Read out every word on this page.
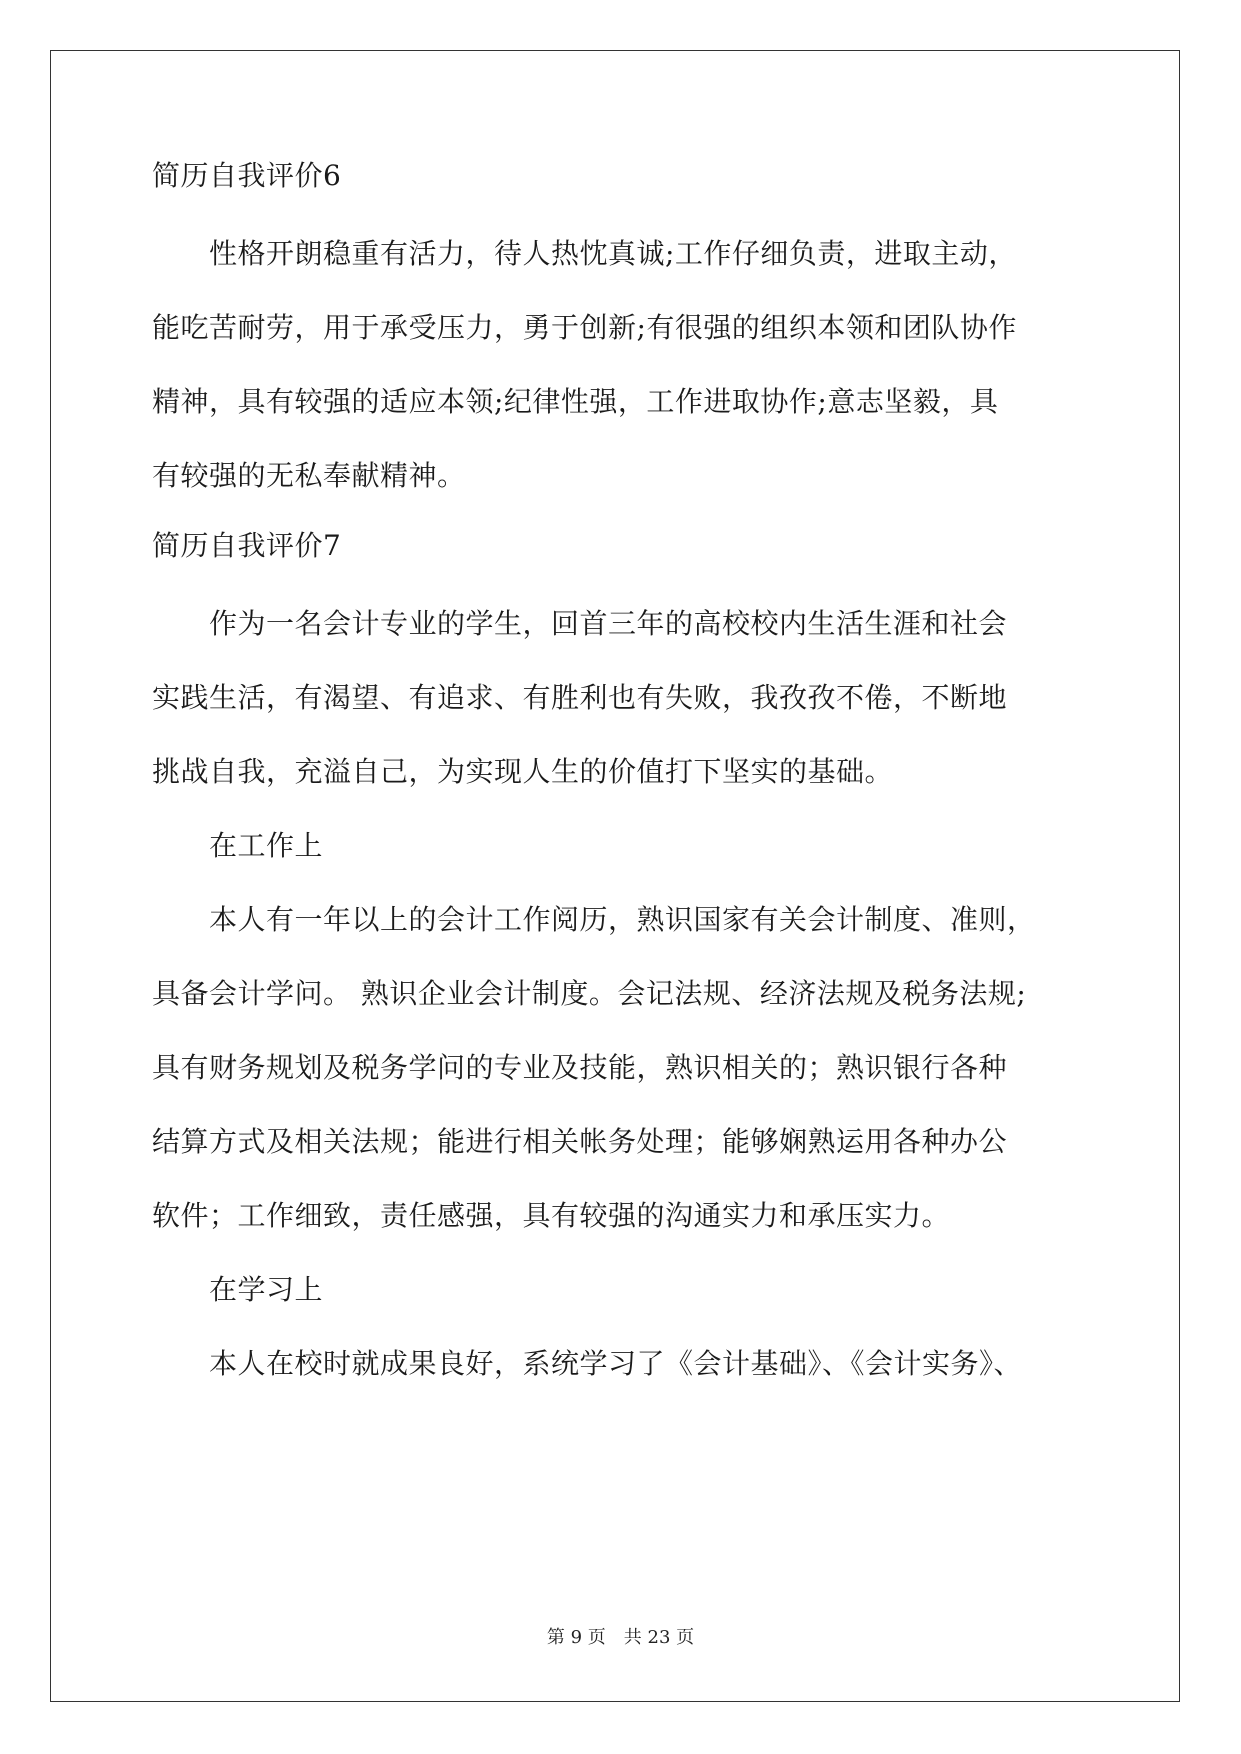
简历自我评价6
　　性格开朗稳重有活力，待人热忱真诚;工作仔细负责，进取主动，
能吃苦耐劳，用于承受压力，勇于创新;有很强的组织本领和团队协作
精神，具有较强的适应本领;纪律性强，工作进取协作;意志坚毅，具
有较强的无私奉献精神。
简历自我评价7
　　作为一名会计专业的学生，回首三年的高校校内生活生涯和社会
实践生活，有渴望、有追求、有胜利也有失败，我孜孜不倦，不断地
挑战自我，充溢自己，为实现人生的价值打下坚实的基础。
　　在工作上
　　本人有一年以上的会计工作阅历，熟识国家有关会计制度、准则，
具备会计学问。 熟识企业会计制度。会记法规、经济法规及税务法规;
具有财务规划及税务学问的专业及技能，熟识相关的；熟识银行各种
结算方式及相关法规；能进行相关帐务处理；能够娴熟运用各种办公
软件；工作细致，责任感强，具有较强的沟通实力和承压实力。
　　在学习上
　　本人在校时就成果良好，系统学习了《会计基础》、《会计实务》、
第 9 页　共 23 页
